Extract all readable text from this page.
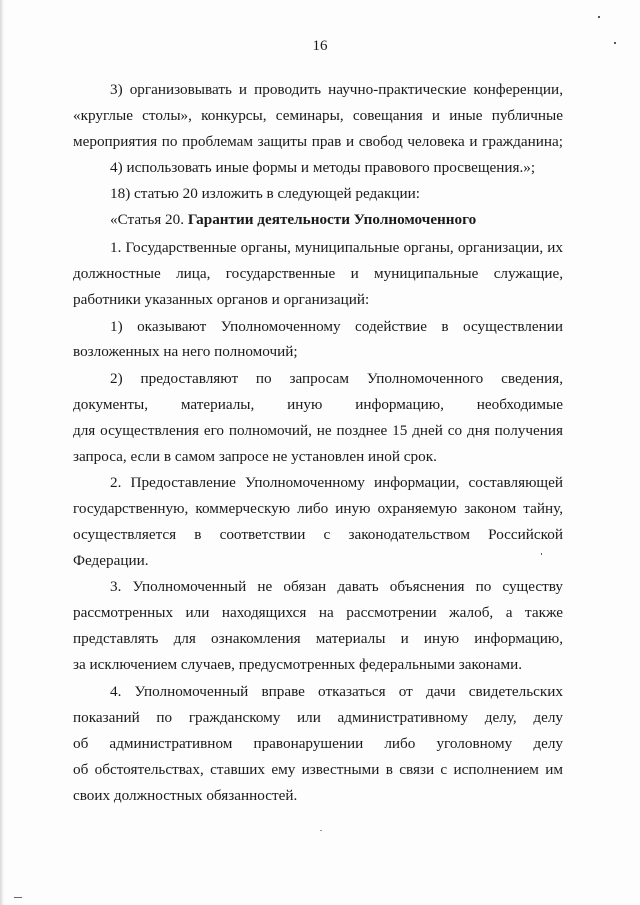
16
3) организовывать и проводить научно-практические конференции,
«круглые столы», конкурсы, семинары, совещания и иные публичные
мероприятия по проблемам защиты прав и свобод человека и гражданина;
4) использовать иные формы и методы правового просвещения.»;
18) статью 20 изложить в следующей редакции:
«Статья 20. Гарантии деятельности Уполномоченного
1. Государственные органы, муниципальные органы, организации, их
должностные лица, государственные и муниципальные служащие,
работники указанных органов и организаций:
1) оказывают Уполномоченному содействие в осуществлении
возложенных на него полномочий;
2) предоставляют по запросам Уполномоченного сведения,
документы, материалы, иную информацию, необходимые
для осуществления его полномочий, не позднее 15 дней со дня получения
запроса, если в самом запросе не установлен иной срок.
2. Предоставление Уполномоченному информации, составляющей
государственную, коммерческую либо иную охраняемую законом тайну,
осуществляется в соответствии с законодательством Российской
Федерации.
3. Уполномоченный не обязан давать объяснения по существу
рассмотренных или находящихся на рассмотрении жалоб, а также
представлять для ознакомления материалы и иную информацию,
за исключением случаев, предусмотренных федеральными законами.
4. Уполномоченный вправе отказаться от дачи свидетельских
показаний по гражданскому или административному делу, делу
об административном правонарушении либо уголовному делу
об обстоятельствах, ставших ему известными в связи с исполнением им
своих должностных обязанностей.
